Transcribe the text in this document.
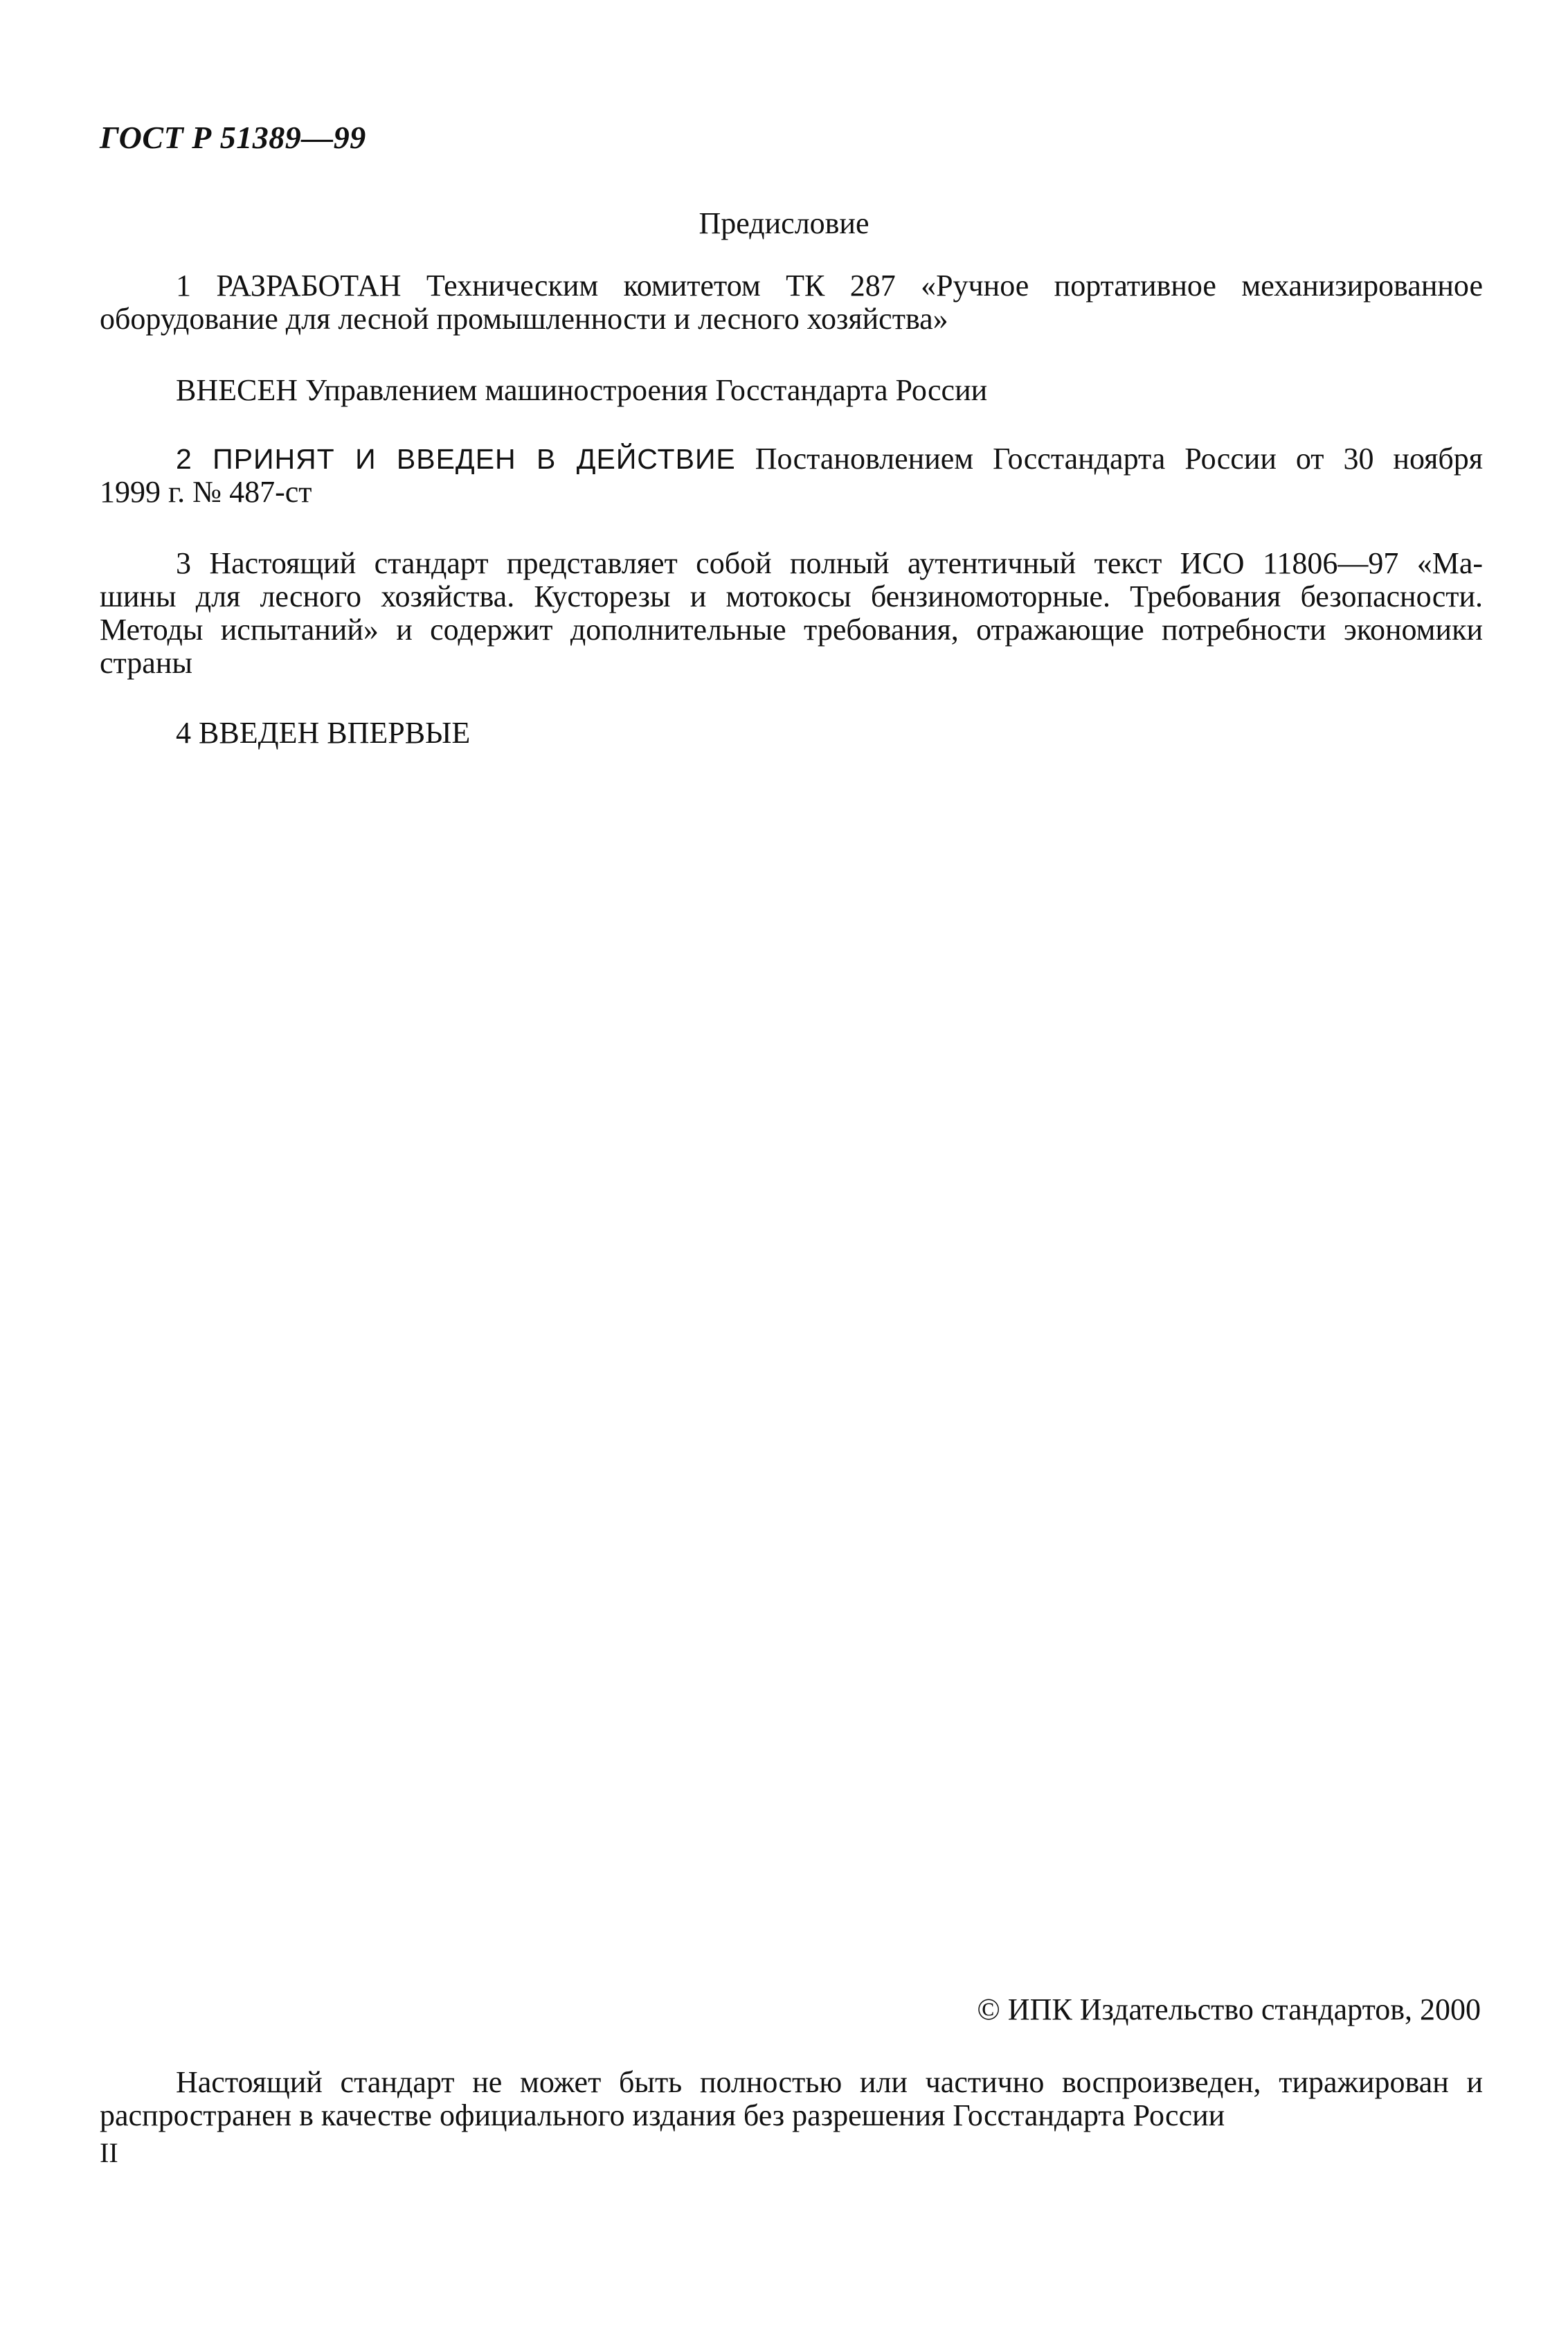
ГОСТ Р 51389—99
Предисловие
1 РАЗРАБОТАН Техническим комитетом ТК 287 «Ручное портативное механизированное
оборудование для лесной промышленности и лесного хозяйства»
ВНЕСЕН Управлением машиностроения Госстандарта России
2 ПРИНЯТ И ВВЕДЕН В ДЕЙСТВИЕ Постановлением Госстандарта России от 30 ноября
1999 г. № 487-ст
3 Настоящий стандарт представляет собой полный аутентичный текст ИСО 11806—97 «Ма-
шины для лесного хозяйства. Кусторезы и мотокосы бензиномоторные. Требования безопасности.
Методы испытаний» и содержит дополнительные требования, отражающие потребности экономики
страны
4 ВВЕДЕН ВПЕРВЫЕ
© ИПК Издательство стандартов, 2000
Настоящий стандарт не может быть полностью или частично воспроизведен, тиражирован и
распространен в качестве официального издания без разрешения Госстандарта России
II
